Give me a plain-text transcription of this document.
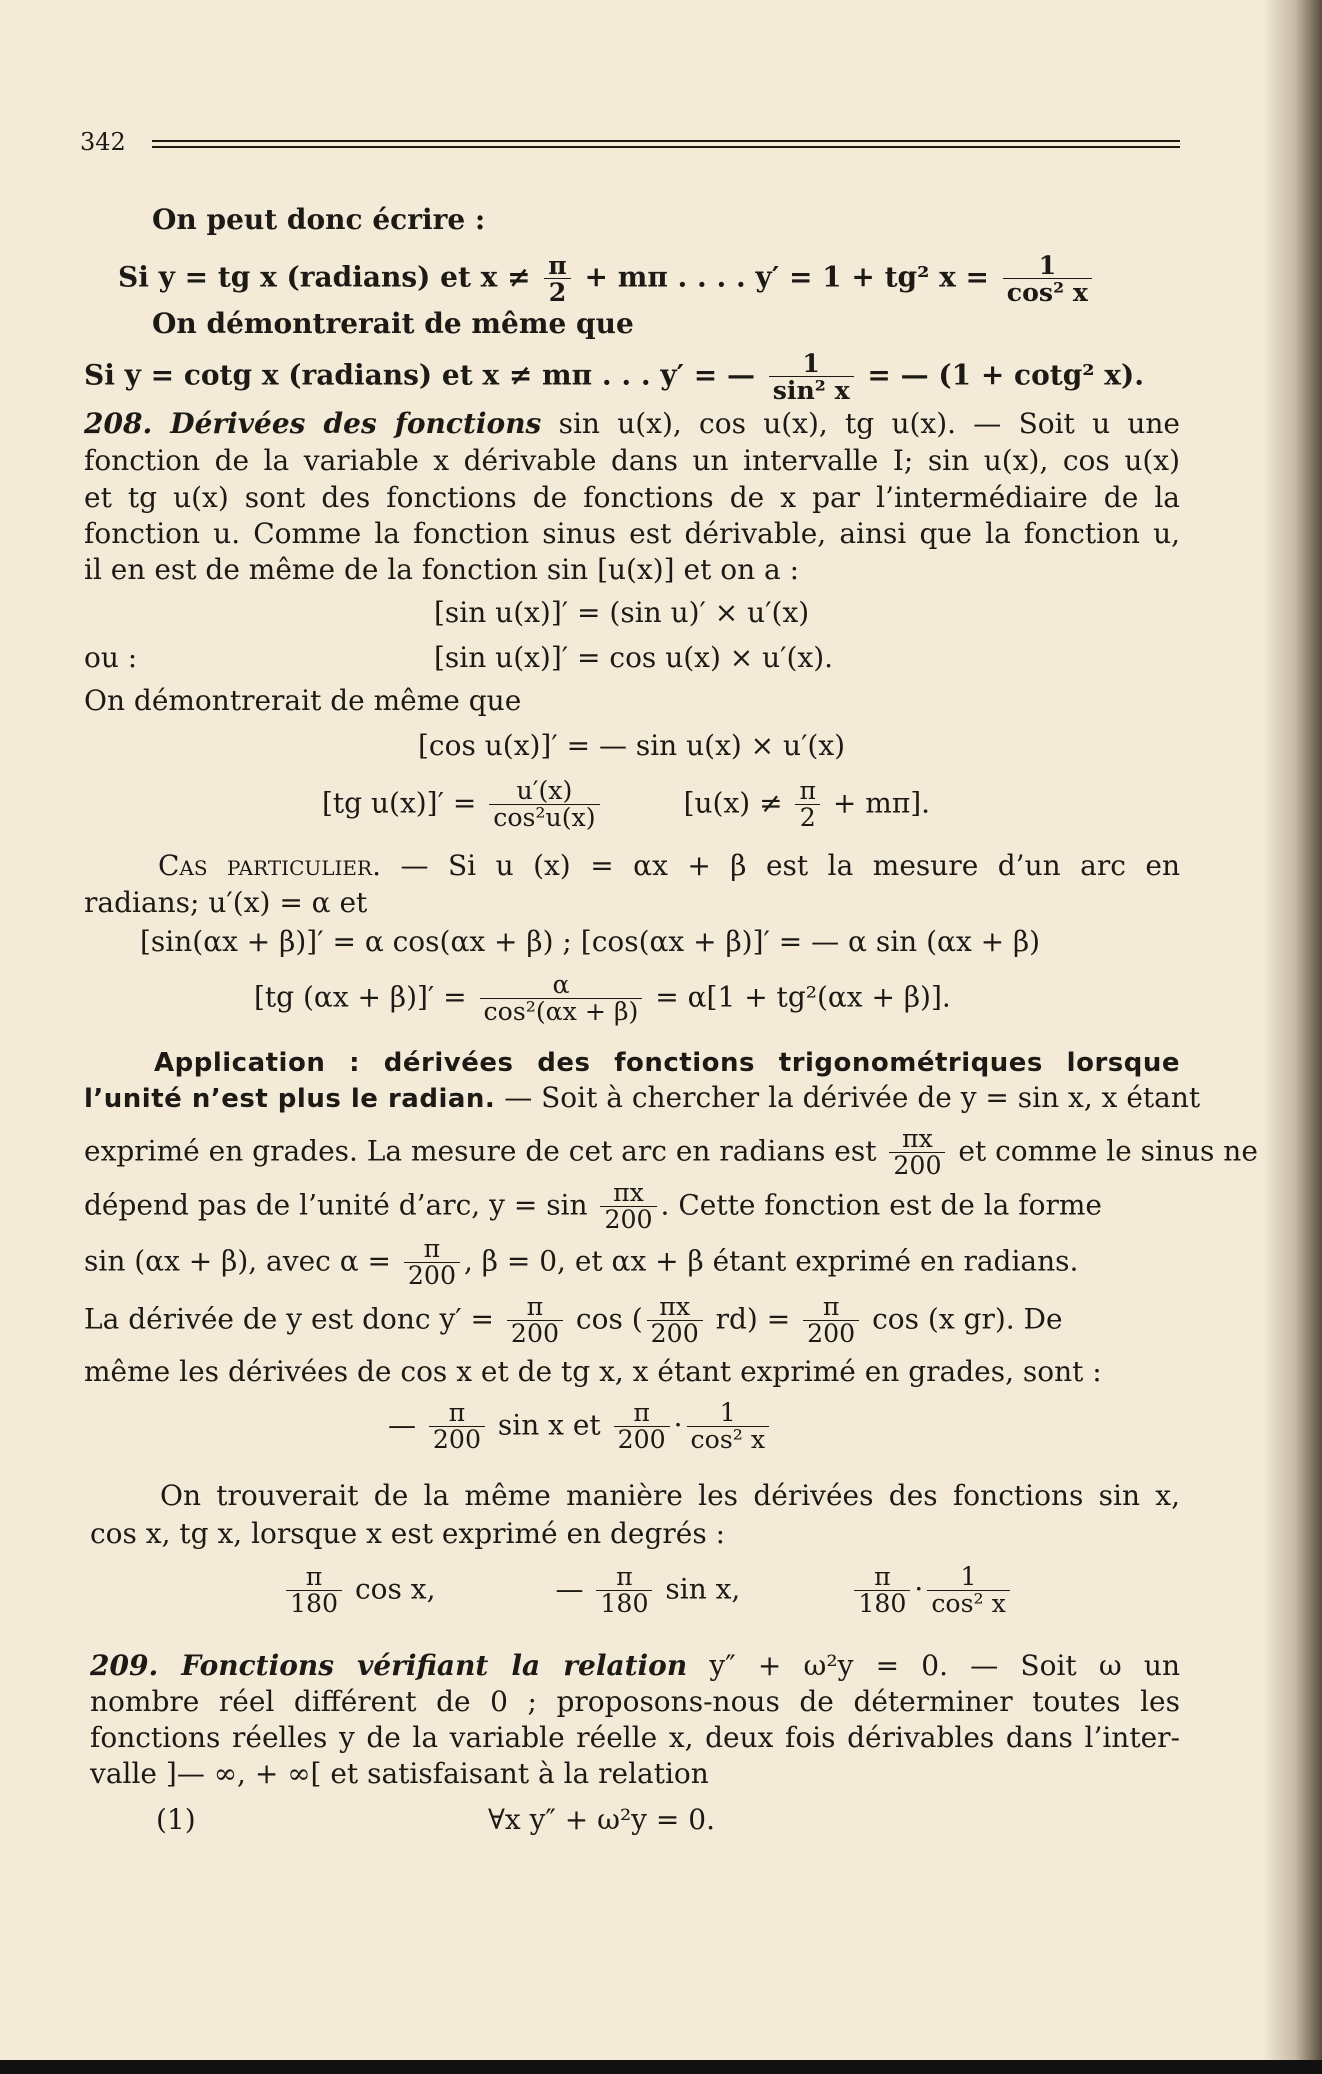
342
On peut donc écrire :
Si y = tg x (radians) et $x \ne \frac{\pi}{2} + m\pi$ . . . . y′ = 1 + tg² $x = \frac{1}{\text{cos² x}}$
On démontrerait de même que
Si y = cotg x (radians) et x ≠ mπ . . . y′ = — $\frac{1}{\text{sin² x}}$ = — (1 + cotg² x).
208. Dérivées des fonctions sin u(x), cos u(x), tg u(x). — Soit u une
fonction de la variable x dérivable dans un intervalle I; sin u(x), cos u(x)
et tg u(x) sont des fonctions de fonctions de x par l’intermédiaire de la
fonction u. Comme la fonction sinus est dérivable, ainsi que la fonction u,
il en est de même de la fonction sin [u(x)] et on a :
[sin u(x)]′ = (sin u)′ × u′(x)
ou :	[sin u(x)]′ = cos u(x) × u′(x).
On démontrerait de même que
[cos u(x)]′ = — sin u(x) × u′(x)
[tg $u(x)]' = \frac{u'(x)}{\text{cos²u(x)}}$	$[u(x) \ne \frac{\pi}{2} + m\pi]$.
Cas particulier. — Si u (x) = αx + β est la mesure d’un arc en
radians; u′(x) = α et
[sin(αx + β)]′ = α cos(αx + β) ; [cos(αx + β)]′ = — α sin (αx + β)
[tg $(\alpha x + \beta)]' = \frac{\alpha}{\text{cos²(αx + β)}} = \alpha[1 + tg^2(\alpha x + \beta)]$.
Application : dérivées des fonctions trigonométriques lorsque
l’unité n’est plus le radian. — Soit à chercher la dérivée de y = sin x, x étant
exprimé en grades. La mesure de cet arc en radians est $\frac{\pi x}{200}$ et comme le sinus ne
dépend pas de l’unité d’arc, $y = \sin \frac{\pi x}{200}$ . Cette fonction est de la forme
sin (αx + β), avec $\alpha = \frac{\pi}{200}$ , β = 0, et αx + β étant exprimé en radians.
La dérivée de y est donc $y' = \frac{\pi}{200}$ cos ( $\frac{\pi x}{200} rd) = \frac{\pi}{200}$ cos (x gr). De
même les dérivées de cos x et de tg x, x étant exprimé en grades, sont :
— $\frac{\pi}{200}$ sin x et $\frac{\pi}{200} \cdot \frac{1}{\text{cos² x}}$
On trouverait de la même manière les dérivées des fonctions sin x,
cos x, tg x, lorsque x est exprimé en degrés :
$\frac{\pi}{180}$ cos x,	— $\frac{\pi}{180}$ sin x,	$\frac{\pi}{180} \cdot \frac{1}{\text{cos² x}}$
209. Fonctions vérifiant la relation y″ + ω²y = 0. — Soit ω un
nombre réel différent de 0 ; proposons-nous de déterminer toutes les
fonctions réelles y de la variable réelle x, deux fois dérivables dans l’inter-
valle ]— ∞, + ∞[ et satisfaisant à la relation
(1)	∀x y″ + ω²y = 0.
